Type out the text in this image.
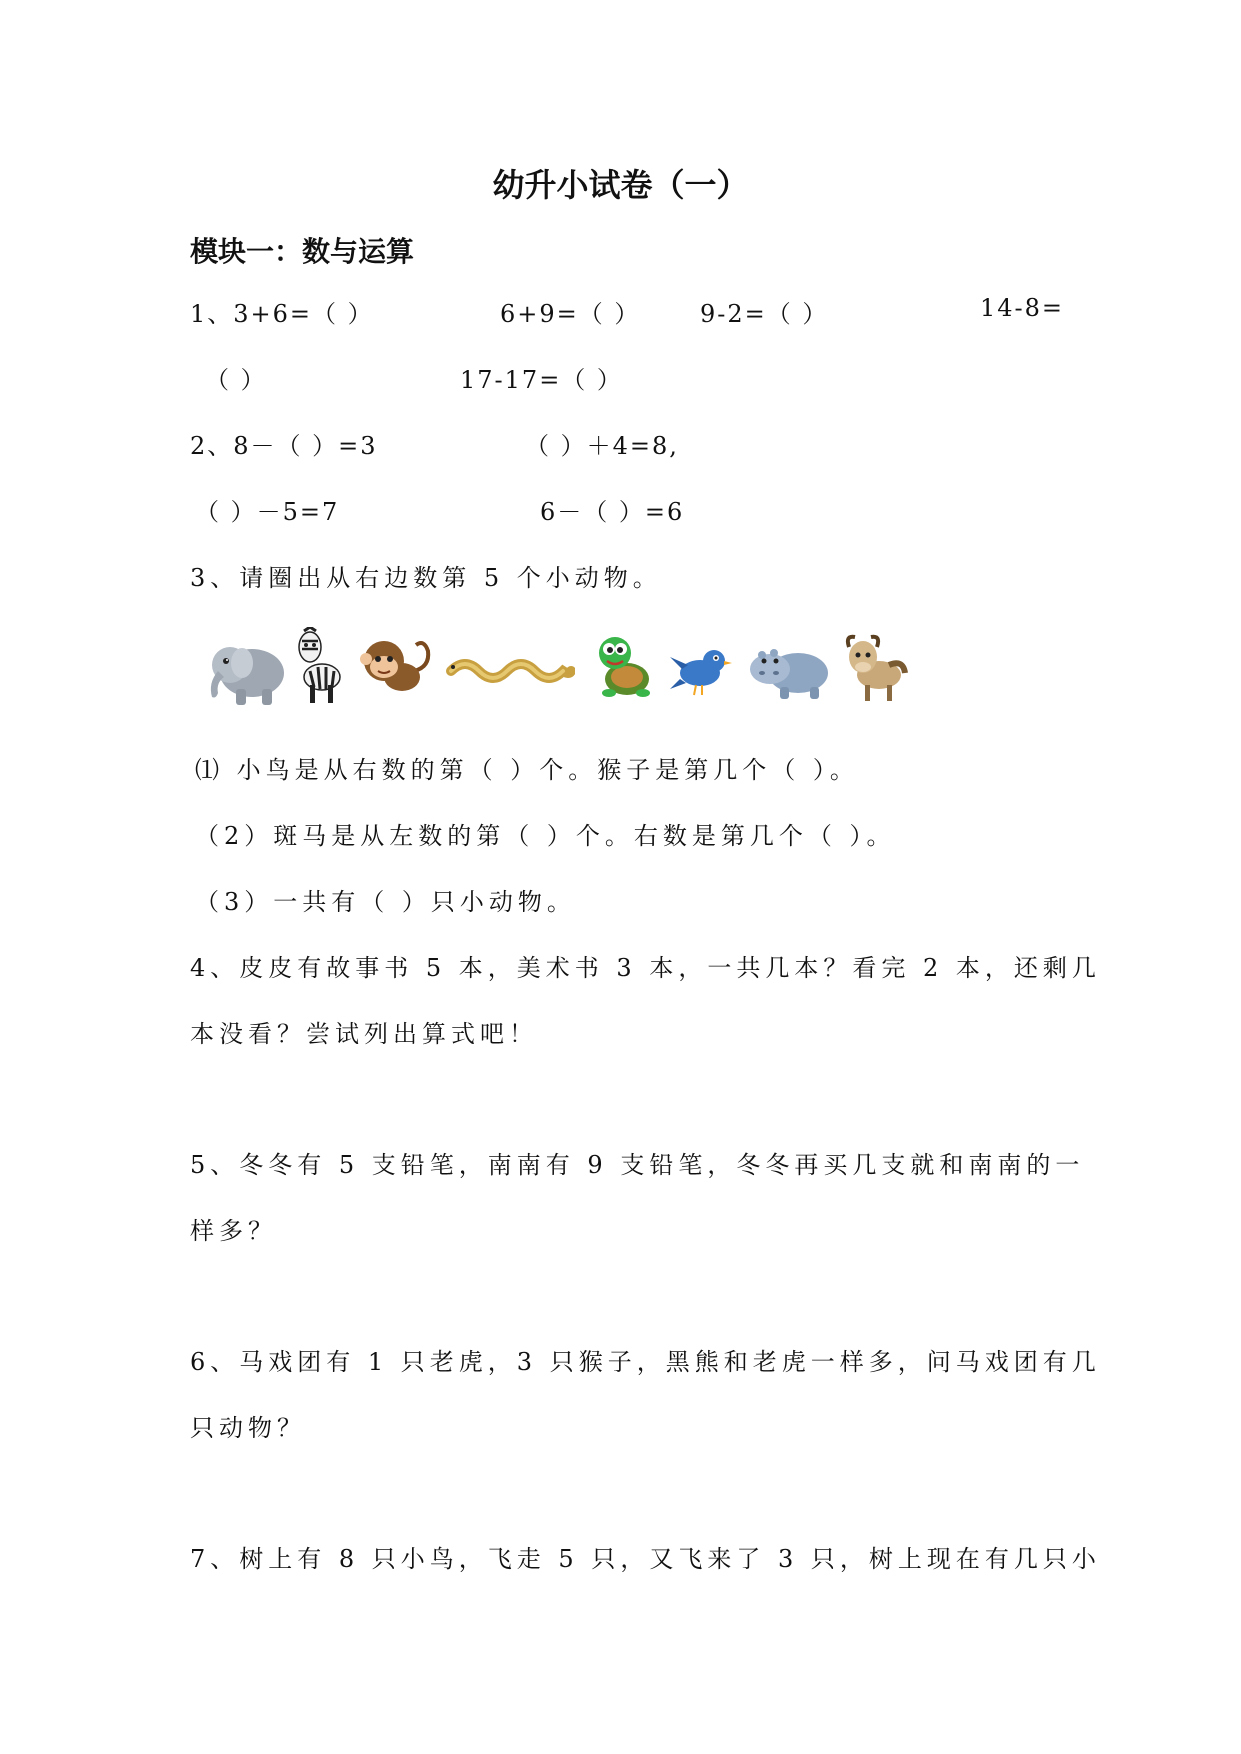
幼升小试卷（一）
模块一：数与运算
1、3+6=（ ）	6+9=（ ） 9-2=（ ）	14-8=
（ ）	17-17=（ ）
2、8－（ ）=3	（ ）＋4=8,
（ ）－5=7	6－（ ）=6
3、请圈出从右边数第 5 个小动物。
⑴ 小鸟是从右数的第（ ）个。猴子是第几个（ ）。
（2）斑马是从左数的第（ ）个。右数是第几个（ ）。
（3）一共有（ ）只小动物。
4、皮皮有故事书 5 本，美术书 3 本，一共几本？看完 2 本，还剩几
本没看？尝试列出算式吧！
5、冬冬有 5 支铅笔，南南有 9 支铅笔，冬冬再买几支就和南南的一
样多？
6、马戏团有 1 只老虎，3 只猴子，黑熊和老虎一样多，问马戏团有几
只动物？
7、树上有 8 只小鸟，飞走 5 只，又飞来了 3 只，树上现在有几只小
